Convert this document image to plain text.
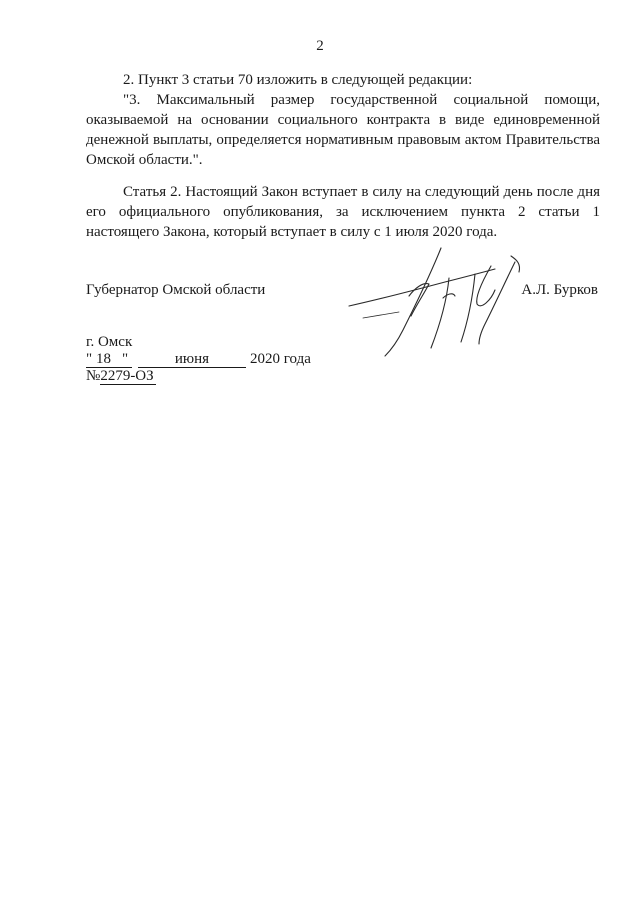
2

2. Пункт 3 статьи 70 изложить в следующей редакции:

"3. Максимальный размер государственной социальной помощи, оказываемой на основании социального контракта в виде единовременной денежной выплаты, определяется нормативным правовым актом Правительства Омской области.".

Статья 2. Настоящий Закон вступает в силу на следующий день после дня его официального опубликования, за исключением пункта 2 статьи 1 настоящего Закона, который вступает в силу с 1 июля 2020 года.

Губернатор Омской области	А.Л. Бурков
г. Омск
" 18 "	июня	2020 года
№2279-ОЗ
